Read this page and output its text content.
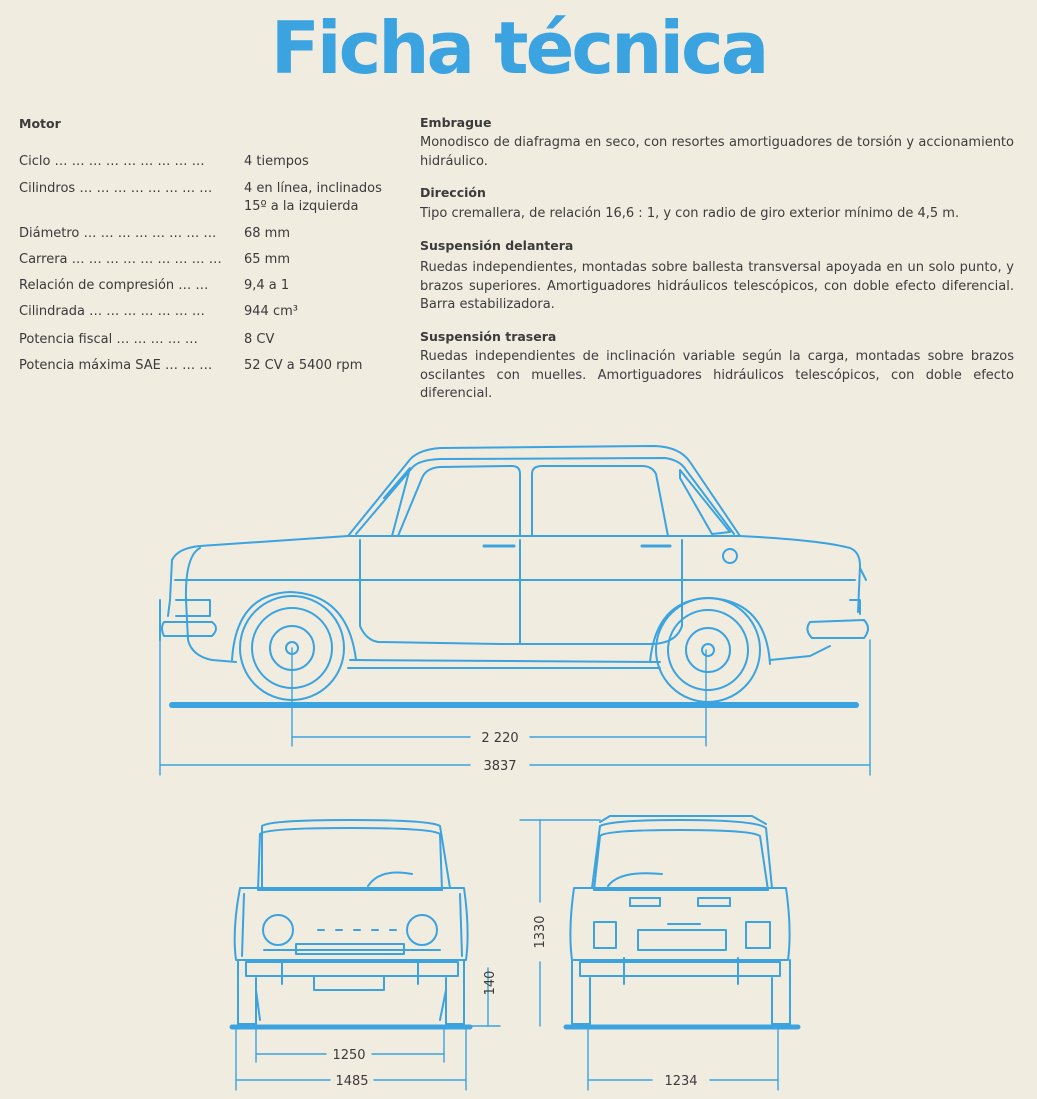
Ficha técnica
Motor
Ciclo … … … … … … … … …	4 tiempos
Cilindros … … … … … … … … 4 en línea, inclinados
15º a la izquierda
Diámetro … … … … … … … … 68 mm
Carrera … … … … … … … … … 65 mm
Relación de compresión … …	9,4 a 1
Cilindrada … … … … … … …	944 cm³
Potencia fiscal … … … … …	8 CV
Potencia máxima SAE … … … 52 CV a 5400 rpm
Embrague
Monodisco de diafragma en seco, con resortes amortiguadores de torsión y accionamiento hidráulico.
Dirección
Tipo cremallera, de relación 16,6 : 1, y con radio de giro exterior mínimo de 4,5 m.
Suspensión delantera
Ruedas independientes, montadas sobre ballesta transversal apoyada en un solo punto, y brazos superiores. Amortiguadores hidráulicos telescópicos, con doble efecto diferencial. Barra estabilizadora.
Suspensión trasera
Ruedas independientes de inclinación variable según la carga, montadas sobre brazos oscilantes con muelles. Amortiguadores hidráulicos telescópicos, con doble efecto diferencial.
2 220
3837
1250
1485	1234
1330
140
